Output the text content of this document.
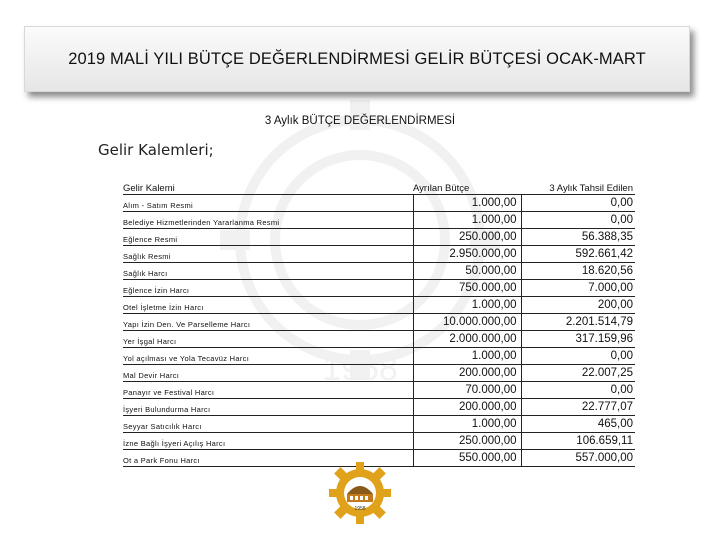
1958
2019 MALİ YILI BÜTÇE DEĞERLENDİRMESİ GELİR BÜTÇESİ OCAK-MART
3 Aylık BÜTÇE DEĞERLENDİRMESİ
Gelir Kalemleri;
Gelir Kalemi	Ayrılan Bütçe	3 Aylık Tahsil Edilen
Alım - Satım Resmi	1.000,00	0,00
Belediye Hizmetlerinden Yararlanma Resmi	1.000,00	0,00
Eğlence Resmi	250.000,00	56.388,35
Sağlık Resmi	2.950.000,00	592.661,42
Sağlık Harcı	50.000,00	18.620,56
Eğlence İzin Harcı	750.000,00	7.000,00
Otel İşletme İzin Harcı	1.000,00	200,00
Yapı İzin Den. Ve Parselleme Harcı	10.000.000,00	2.201.514,79
Yer İşgal Harcı	2.000.000,00	317.159,96
Yol açılması ve Yola Tecavüz Harcı	1.000,00	0,00
Mal Devir Harcı	200.000,00	22.007,25
Panayır ve Festival Harcı	70.000,00	0,00
İşyeri Bulundurma Harcı	200.000,00	22.777,07
Seyyar Satıcılık Harcı	1.000,00	465,00
İzne Bağlı İşyeri Açılış Harcı	250.000,00	106.659,11
Ot a Park Fonu Harcı	550.000,00	557.000,00
1958
